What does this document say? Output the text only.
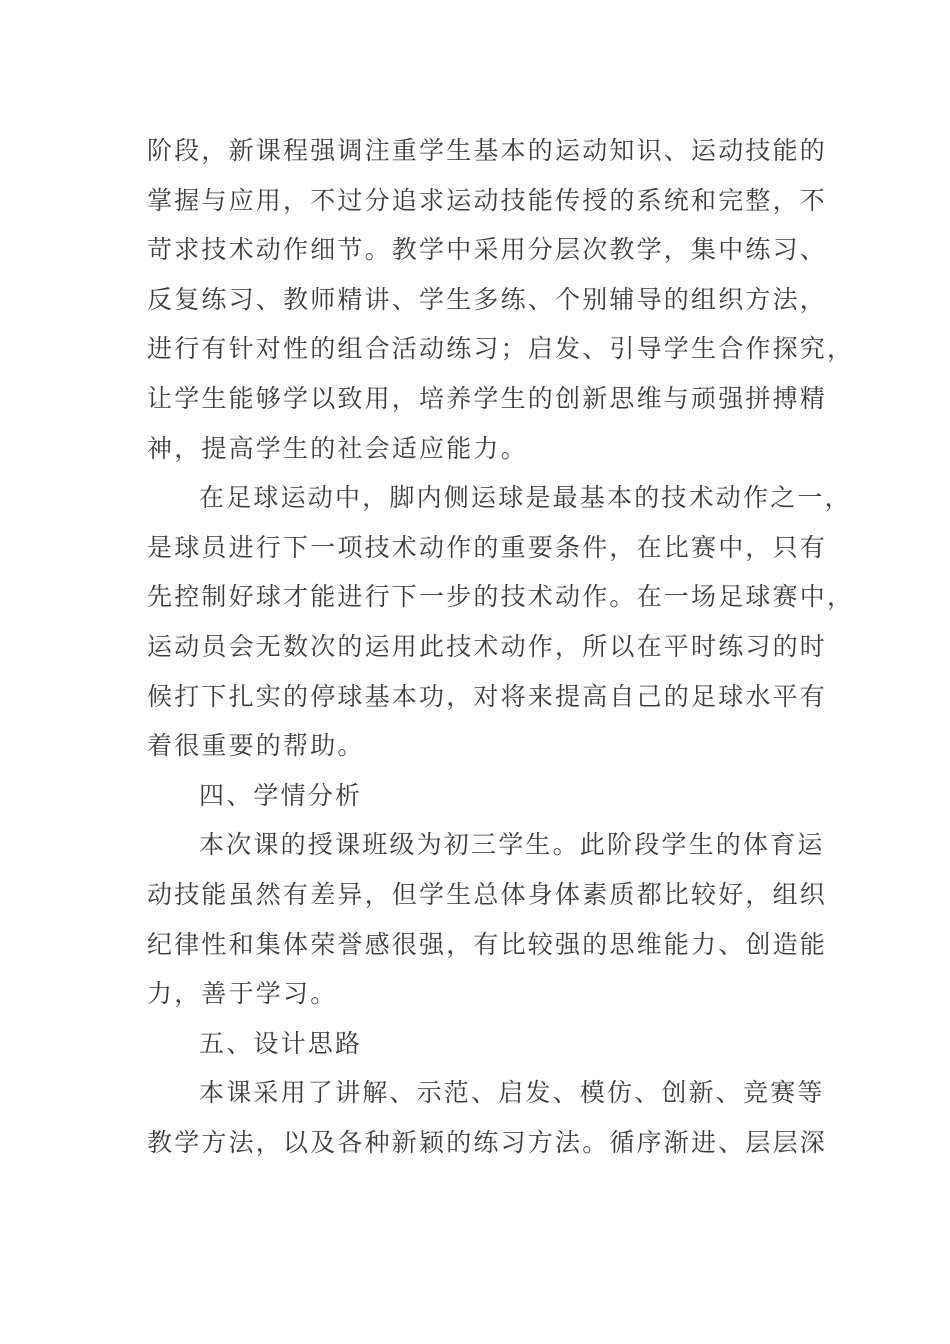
阶段，新课程强调注重学生基本的运动知识、运动技能的
掌握与应用，不过分追求运动技能传授的系统和完整，不
苛求技术动作细节。教学中采用分层次教学，集中练习、
反复练习、教师精讲、学生多练、个别辅导的组织方法，
进行有针对性的组合活动练习；启发、引导学生合作探究，
让学生能够学以致用，培养学生的创新思维与顽强拼搏精
神，提高学生的社会适应能力。
在足球运动中，脚内侧运球是最基本的技术动作之一，
是球员进行下一项技术动作的重要条件，在比赛中，只有
先控制好球才能进行下一步的技术动作。在一场足球赛中，
运动员会无数次的运用此技术动作，所以在平时练习的时
候打下扎实的停球基本功，对将来提高自己的足球水平有
着很重要的帮助。
四、学情分析
本次课的授课班级为初三学生。此阶段学生的体育运
动技能虽然有差异，但学生总体身体素质都比较好，组织
纪律性和集体荣誉感很强，有比较强的思维能力、创造能
力，善于学习。
五、设计思路
本课采用了讲解、示范、启发、模仿、创新、竞赛等
教学方法，以及各种新颖的练习方法。循序渐进、层层深
